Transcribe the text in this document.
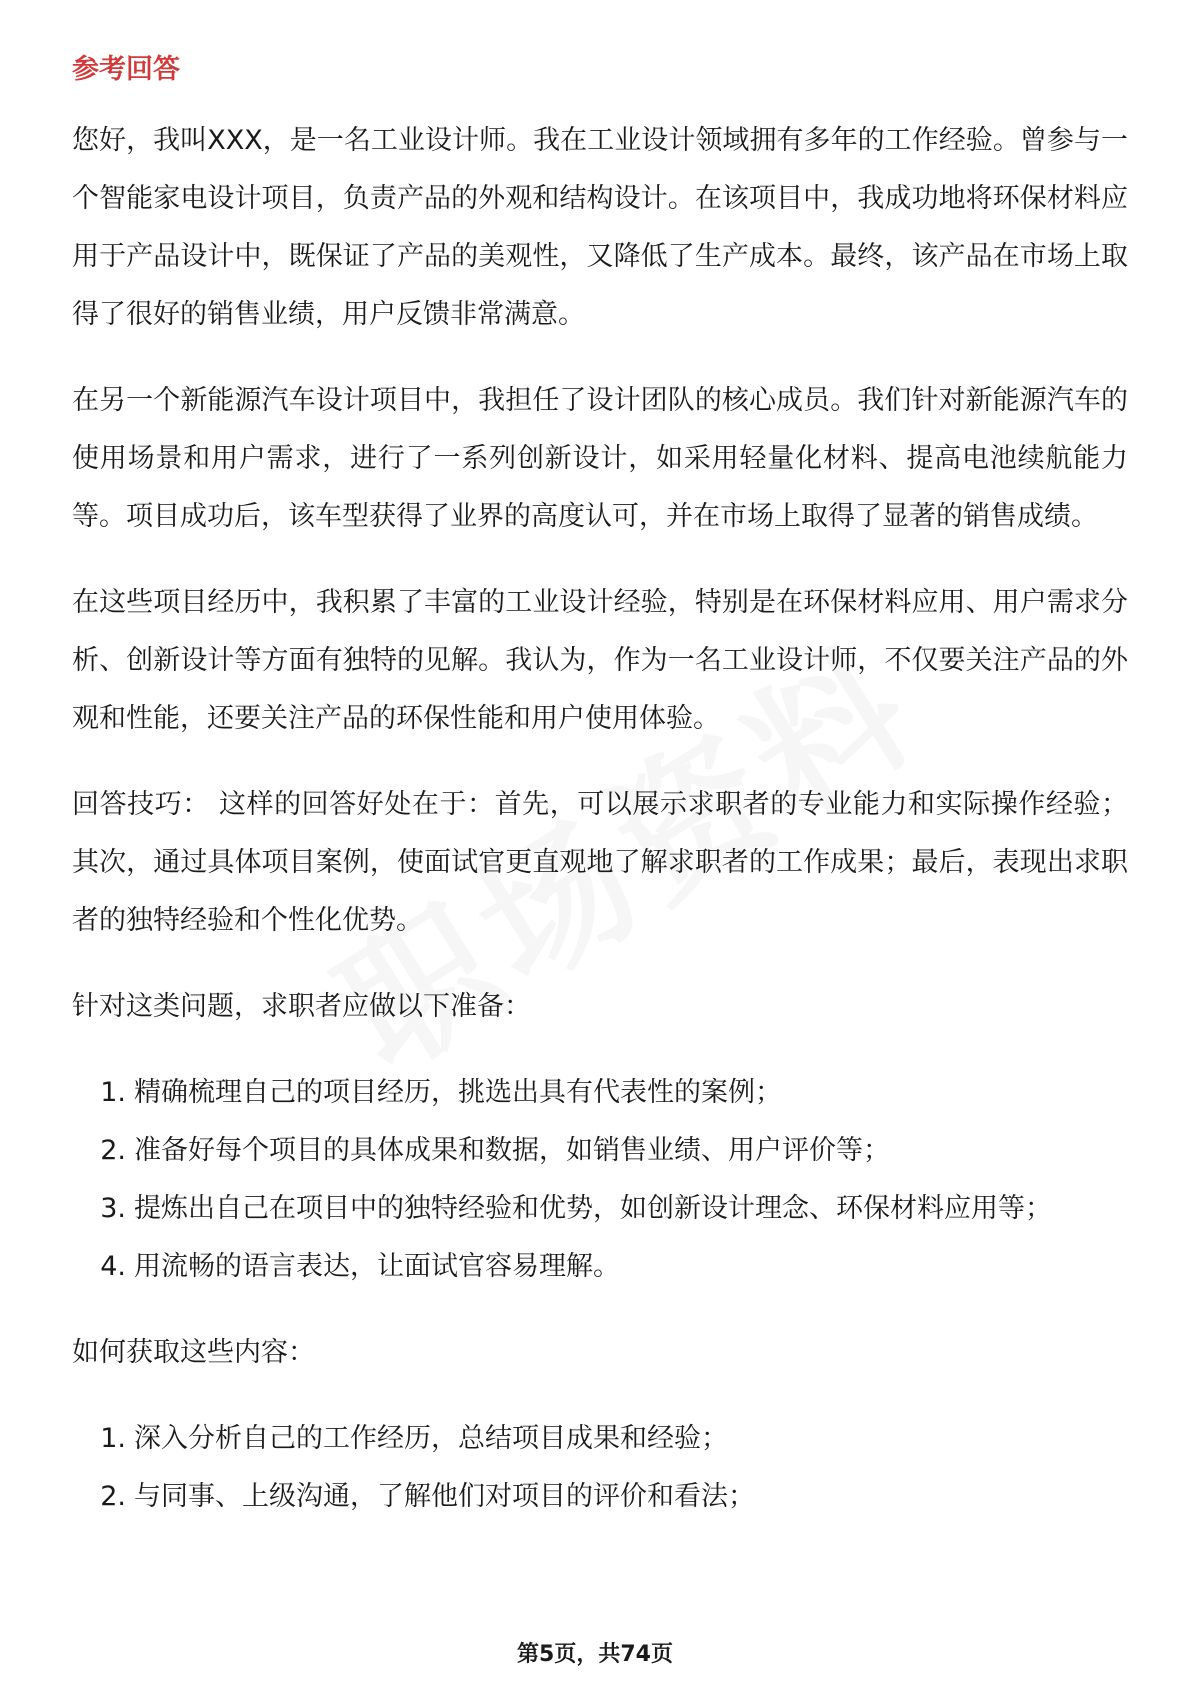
参考回答

您好，我叫XXX，是一名工业设计师。我在工业设计领域拥有多年的工作经验。曾参与一个智能家电设计项目，负责产品的外观和结构设计。在该项目中，我成功地将环保材料应用于产品设计中，既保证了产品的美观性，又降低了生产成本。最终，该产品在市场上取得了很好的销售业绩，用户反馈非常满意。

在另一个新能源汽车设计项目中，我担任了设计团队的核心成员。我们针对新能源汽车的使用场景和用户需求，进行了一系列创新设计，如采用轻量化材料、提高电池续航能力等。项目成功后，该车型获得了业界的高度认可，并在市场上取得了显著的销售成绩。

在这些项目经历中，我积累了丰富的工业设计经验，特别是在环保材料应用、用户需求分析、创新设计等方面有独特的见解。我认为，作为一名工业设计师，不仅要关注产品的外观和性能，还要关注产品的环保性能和用户使用体验。

回答技巧： 这样的回答好处在于：首先，可以展示求职者的专业能力和实际操作经验；其次，通过具体项目案例，使面试官更直观地了解求职者的工作成果；最后，表现出求职者的独特经验和个性化优势。

针对这类问题，求职者应做以下准备：

1. 精确梳理自己的项目经历，挑选出具有代表性的案例；
2. 准备好每个项目的具体成果和数据，如销售业绩、用户评价等；
3. 提炼出自己在项目中的独特经验和优势，如创新设计理念、环保材料应用等；
4. 用流畅的语言表达，让面试官容易理解。

如何获取这些内容：

1. 深入分析自己的工作经历，总结项目成果和经验；
2. 与同事、上级沟通，了解他们对项目的评价和看法；
第5页，共74页
